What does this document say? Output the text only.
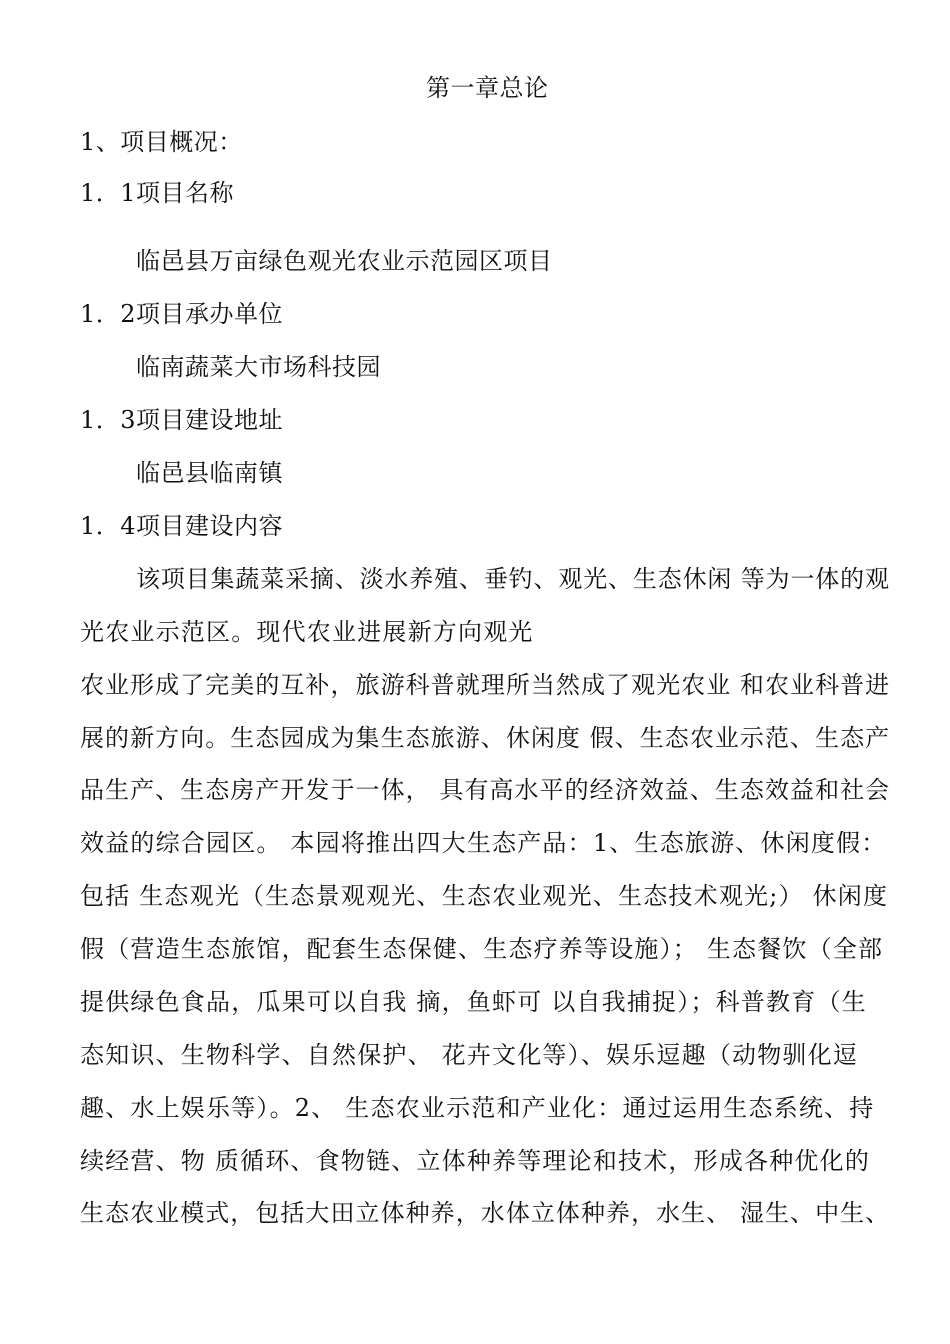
第一章总论
1、项目概况：
1．1项目名称
临邑县万亩绿色观光农业示范园区项目
1．2项目承办单位
临南蔬菜大市场科技园
1．3项目建设地址
临邑县临南镇
1．4项目建设内容
该项目集蔬菜采摘、淡水养殖、垂钓、观光、生态休闲 等为一体的观
光农业示范区。现代农业进展新方向观光
农业形成了完美的互补，旅游科普就理所当然成了观光农业 和农业科普进
展的新方向。生态园成为集生态旅游、休闲度 假、生态农业示范、生态产
品生产、生态房产开发于一体， 具有高水平的经济效益、生态效益和社会
效益的综合园区。 本园将推出四大生态产品：1、生态旅游、休闲度假：
包括 生态观光（生态景观观光、生态农业观光、生态技术观光;） 休闲度
假（营造生态旅馆，配套生态保健、生态疗养等设施）； 生态餐饮（全部
提供绿色食品，瓜果可以自我 摘，鱼虾可 以自我捕捉）；科普教育（生
态知识、生物科学、自然保护、 花卉文化等）、娱乐逗趣（动物驯化逗
趣、水上娱乐等）。2、 生态农业示范和产业化：通过运用生态系统、持
续经营、物 质循环、食物链、立体种养等理论和技术，形成各种优化的
生态农业模式，包括大田立体种养，水体立体种养，水生、 湿生、中生、
